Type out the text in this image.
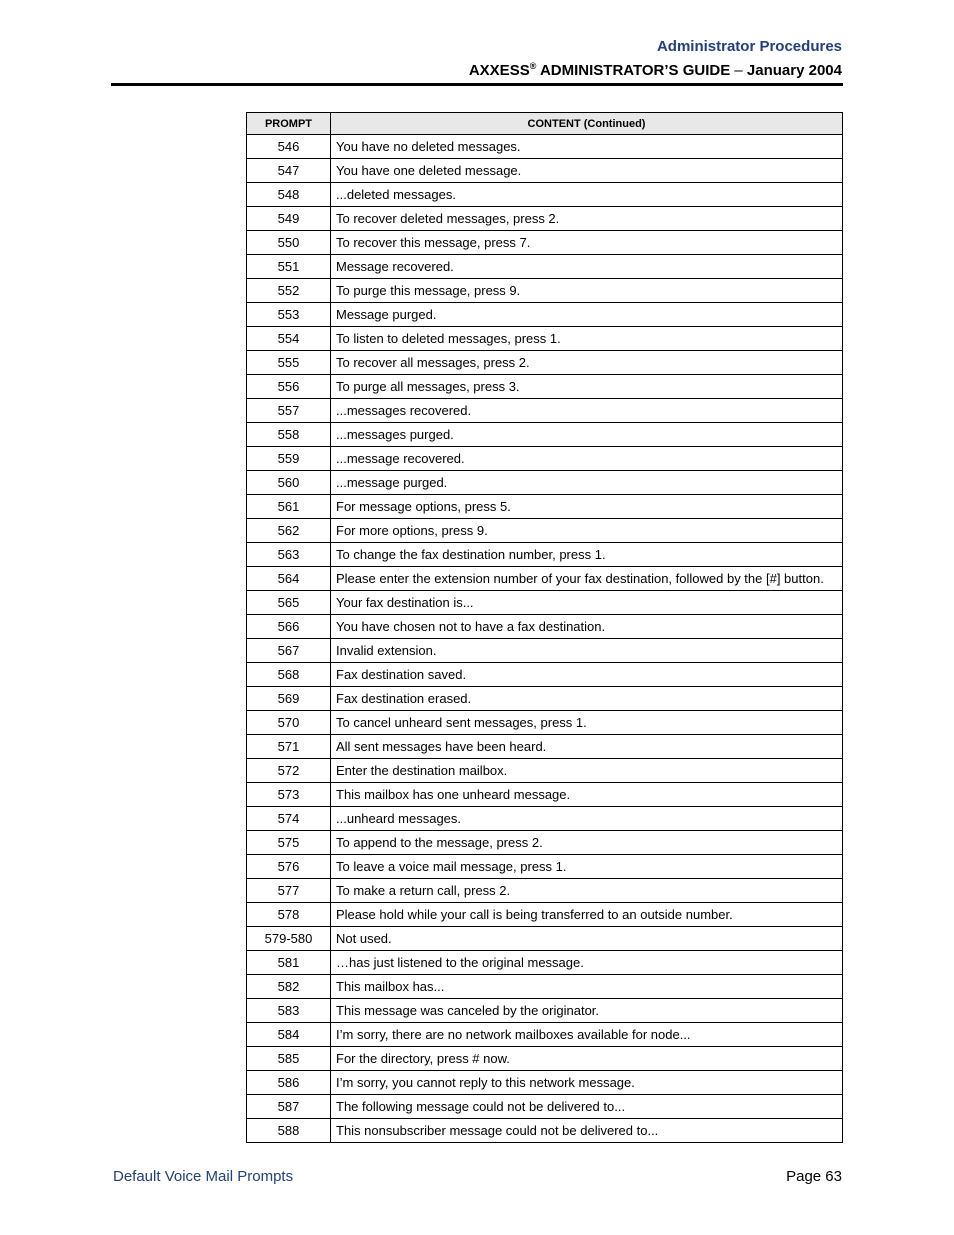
Administrator Procedures
AXXESS® ADMINISTRATOR’S GUIDE – January 2004
PROMPT	CONTENT (Continued)
546	You have no deleted messages.
547	You have one deleted message.
548	...deleted messages.
549	To recover deleted messages, press 2.
550	To recover this message, press 7.
551	Message recovered.
552	To purge this message, press 9.
553	Message purged.
554	To listen to deleted messages, press 1.
555	To recover all messages, press 2.
556	To purge all messages, press 3.
557	...messages recovered.
558	...messages purged.
559	...message recovered.
560	...message purged.
561	For message options, press 5.
562	For more options, press 9.
563	To change the fax destination number, press 1.
564	Please enter the extension number of your fax destination, followed by the [#] button.
565	Your fax destination is...
566	You have chosen not to have a fax destination.
567	Invalid extension.
568	Fax destination saved.
569	Fax destination erased.
570	To cancel unheard sent messages, press 1.
571	All sent messages have been heard.
572	Enter the destination mailbox.
573	This mailbox has one unheard message.
574	...unheard messages.
575	To append to the message, press 2.
576	To leave a voice mail message, press 1.
577	To make a return call, press 2.
578	Please hold while your call is being transferred to an outside number.
579-580	Not used.
581	…has just listened to the original message.
582	This mailbox has...
583	This message was canceled by the originator.
584	I’m sorry, there are no network mailboxes available for node...
585	For the directory, press # now.
586	I’m sorry, you cannot reply to this network message.
587	The following message could not be delivered to...
588	This nonsubscriber message could not be delivered to...
Default Voice Mail Prompts	Page 63
